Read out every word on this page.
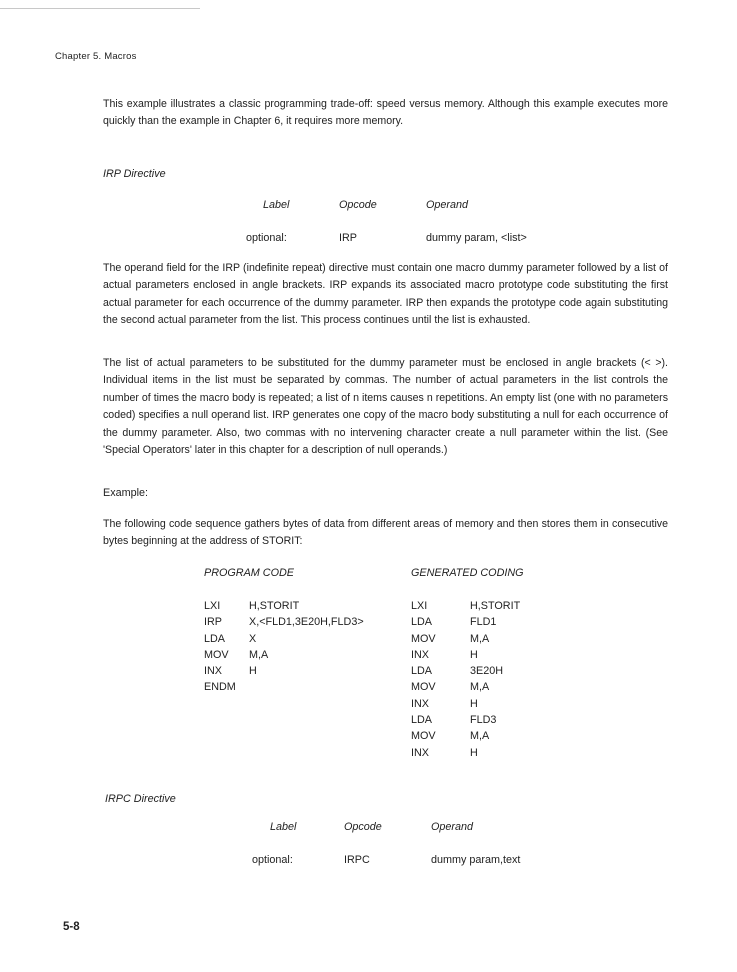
Chapter 5. Macros

This example illustrates a classic programming trade-off: speed versus memory. Although this example executes more quickly than the example in Chapter 6, it requires more memory.

IRP Directive
Label	Opcode	Operand
optional:	IRP	dummy param, <list>

The operand field for the IRP (indefinite repeat) directive must contain one macro dummy parameter followed by a list of actual parameters enclosed in angle brackets. IRP expands its associated macro prototype code substituting the first actual parameter for each occurrence of the dummy parameter. IRP then expands the prototype code again substituting the second actual parameter from the list. This process continues until the list is exhausted.

The list of actual parameters to be substituted for the dummy parameter must be enclosed in angle brackets (< >). Individual items in the list must be separated by commas. The number of actual parameters in the list controls the number of times the macro body is repeated; a list of n items causes n repetitions. An empty list (one with no parameters coded) specifies a null operand list. IRP generates one copy of the macro body substituting a null for each occurrence of the dummy parameter. Also, two commas with no intervening character create a null parameter within the list. (See 'Special Operators' later in this chapter for a description of null operands.)

Example:

The following code sequence gathers bytes of data from different areas of memory and then stores them in consecutive bytes beginning at the address of STORIT:

PROGRAM CODE	GENERATED CODING
LXI	H,STORIT
IRP	X,<FLD1,3E20H,FLD3>
LDA X
MOV M,A
INX	H
ENDM
LXI	H,STORIT
LDA	FLD1
MOV	M,A
INX	H
LDA	3E20H
MOV	M,A
INX	H
LDA	FLD3
MOV	M,A
INX	H
IRPC Directive
Label	Opcode	Operand
optional:	IRPC	dummy param,text
5-8
